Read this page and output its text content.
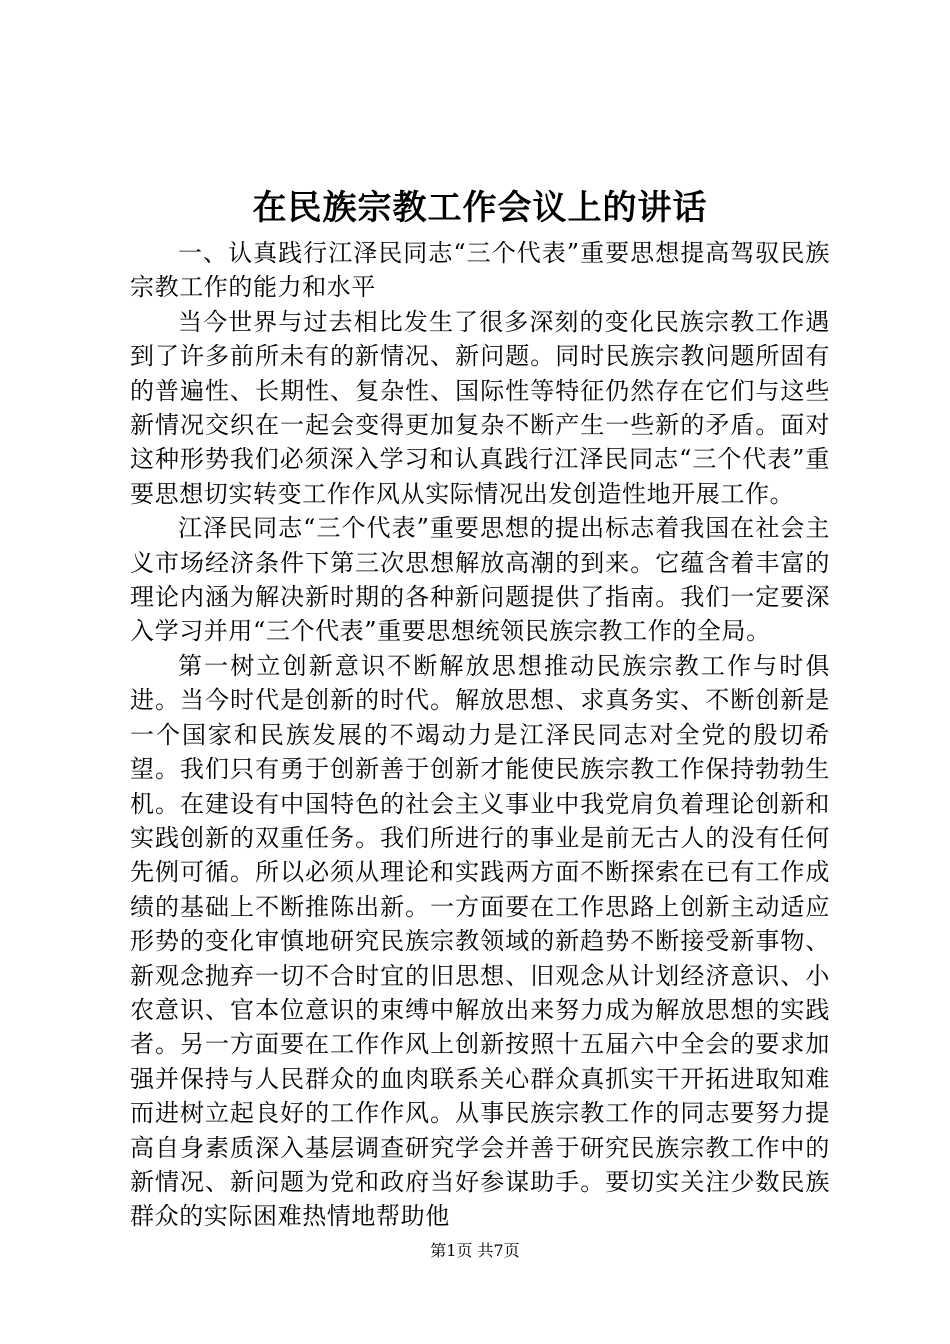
在民族宗教工作会议上的讲话

一、认真践行江泽民同志“三个代表”重要思想提高驾驭民族宗教工作的能力和水平

当今世界与过去相比发生了很多深刻的变化民族宗教工作遇到了许多前所未有的新情况、新问题。同时民族宗教问题所固有的普遍性、长期性、复杂性、国际性等特征仍然存在它们与这些新情况交织在一起会变得更加复杂不断产生一些新的矛盾。面对这种形势我们必须深入学习和认真践行江泽民同志“三个代表”重要思想切实转变工作作风从实际情况出发创造性地开展工作。

江泽民同志“三个代表”重要思想的提出标志着我国在社会主义市场经济条件下第三次思想解放高潮的到来。它蕴含着丰富的理论内涵为解决新时期的各种新问题提供了指南。我们一定要深入学习并用“三个代表”重要思想统领民族宗教工作的全局。

第一树立创新意识不断解放思想推动民族宗教工作与时俱进。当今时代是创新的时代。解放思想、求真务实、不断创新是一个国家和民族发展的不竭动力是江泽民同志对全党的殷切希望。我们只有勇于创新善于创新才能使民族宗教工作保持勃勃生机。在建设有中国特色的社会主义事业中我党肩负着理论创新和实践创新的双重任务。我们所进行的事业是前无古人的没有任何先例可循。所以必须从理论和实践两方面不断探索在已有工作成绩的基础上不断推陈出新。一方面要在工作思路上创新主动适应形势的变化审慎地研究民族宗教领域的新趋势不断接受新事物、新观念抛弃一切不合时宜的旧思想、旧观念从计划经济意识、小农意识、官本位意识的束缚中解放出来努力成为解放思想的实践者。另一方面要在工作作风上创新按照十五届六中全会的要求加强并保持与人民群众的血肉联系关心群众真抓实干开拓进取知难而进树立起良好的工作作风。从事民族宗教工作的同志要努力提高自身素质深入基层调查研究学会并善于研究民族宗教工作中的新情况、新问题为党和政府当好参谋助手。要切实关注少数民族群众的实际困难热情地帮助他

第1页 共7页
